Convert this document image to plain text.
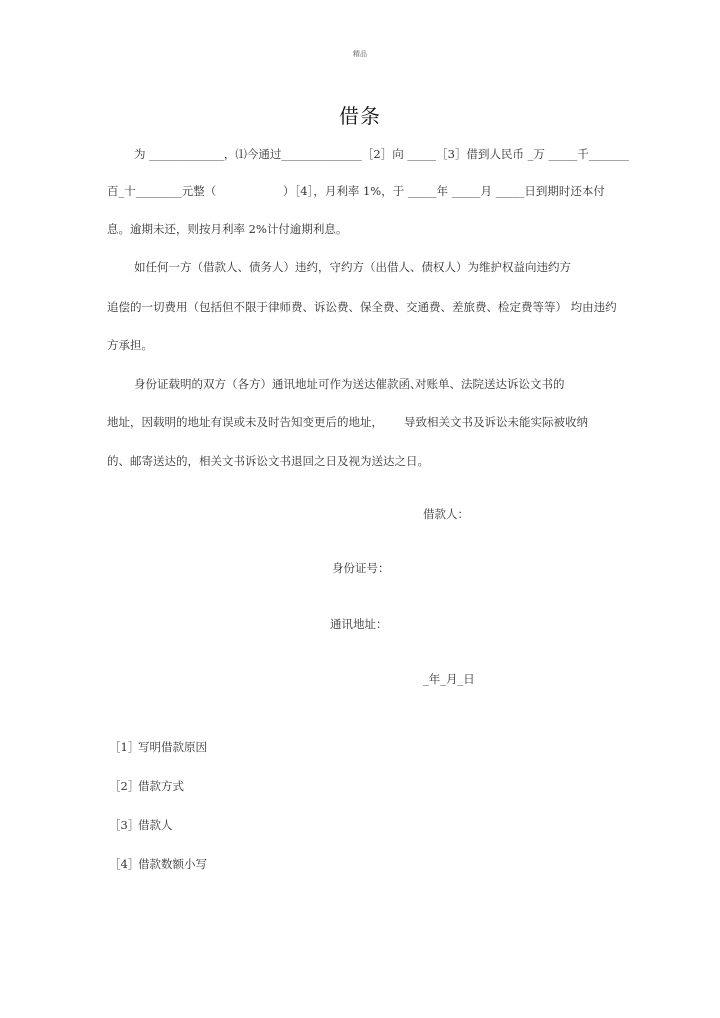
精品
借条
为 _____________，⑴今通过______________［2］向 _____［3］借到人民币 _万 _____千_______
百_十________元整（	）［4］，月利率 1%，于 _____年 _____月 _____日到期时还本付
息。逾期未还，则按月利率 2%计付逾期利息。
如任何一方（借款人、债务人）违约，守约方（出借人、债权人）为维护权益向违约方
追偿的一切费用（包括但不限于律师费、诉讼费、保全费、交通费、差旅费、检定费等等） 均由违约
方承担。
身份证载明的双方（各方）通讯地址可作为送达催款函、
对账单、法院送达诉讼文书的
地址，因载明的地址有误或未及时告知变更后的地址， 导致相关文书及诉讼未能实际被收纳
的、邮寄送达的，相关文书诉讼文书退回之日及视为送达之日。
借款人：
身份证号：
通讯地址：
_年_月_日
［1］
写明借款原因
［2］
借款方式
［3］
借款人
［4］
借款数额小写
